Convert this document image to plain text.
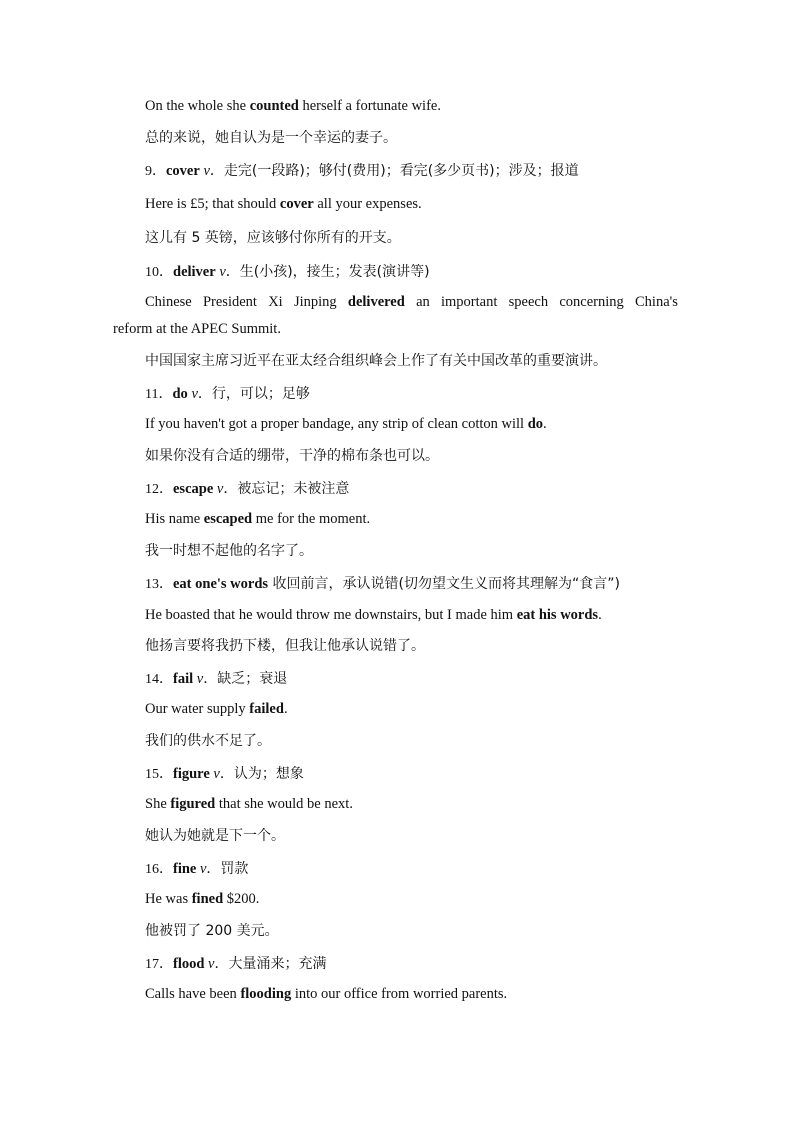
On the whole she counted herself a fortunate wife.
总的来说，她自认为是一个幸运的妻子。
9．cover v．走完(一段路)；够付(费用)；看完(多少页书)；涉及；报道
Here is £5; that should cover all your expenses.
这儿有 5 英镑，应该够付你所有的开支。
10．deliver v．生(小孩)，接生；发表(演讲等)
Chinese President Xi Jinping delivered an important speech concerning China's
reform at the APEC Summit.
中国国家主席习近平在亚太经合组织峰会上作了有关中国改革的重要演讲。
11．do v．行，可以；足够
If you haven't got a proper bandage, any strip of clean cotton will do.
如果你没有合适的绷带，干净的棉布条也可以。
12．escape v．被忘记；未被注意
His name escaped me for the moment.
我一时想不起他的名字了。
13．eat one's words 收回前言，承认说错(切勿望文生义而将其理解为“食言”)
He boasted that he would throw me downstairs, but I made him eat his words.
他扬言要将我扔下楼，但我让他承认说错了。
14．fail v．缺乏；衰退
Our water supply failed.
我们的供水不足了。
15．figure v．认为；想象
She figured that she would be next.
她认为她就是下一个。
16．fine v．罚款
He was fined $200.
他被罚了 200 美元。
17．flood v．大量涌来；充满
Calls have been flooding into our office from worried parents.
